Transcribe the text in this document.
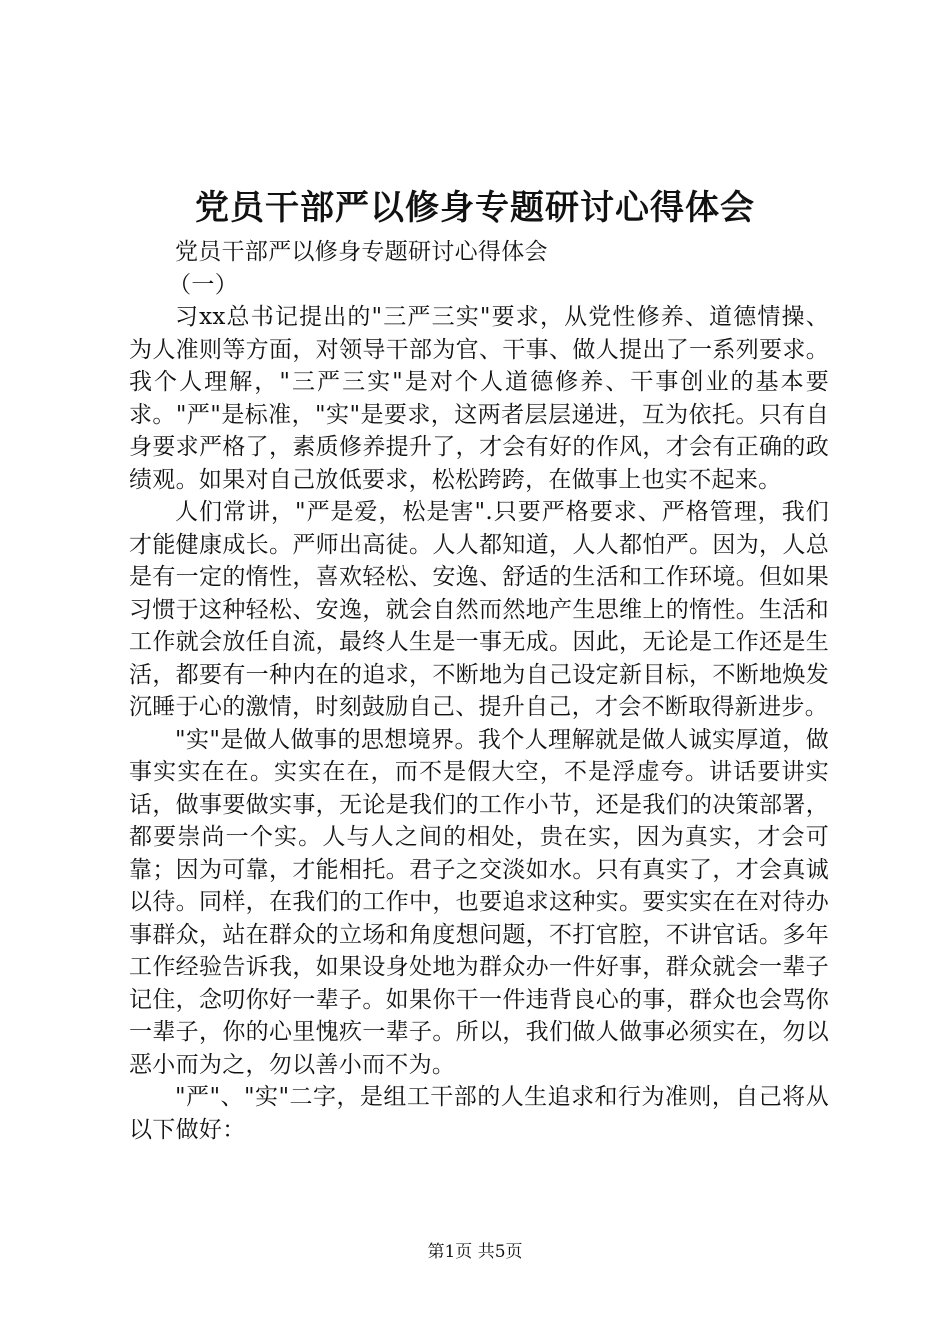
党员干部严以修身专题研讨心得体会

党员干部严以修身专题研讨心得体会

（一）

习xx总书记提出的"三严三实"要求，从党性修养、道德情操、为人准则等方面，对领导干部为官、干事、做人提出了一系列要求。我个人理解，"三严三实"是对个人道德修养、干事创业的基本要求。"严"是标准，"实"是要求，这两者层层递进，互为依托。只有自身要求严格了，素质修养提升了，才会有好的作风，才会有正确的政绩观。如果对自己放低要求，松松跨跨，在做事上也实不起来。

人们常讲，"严是爱，松是害".只要严格要求、严格管理，我们才能健康成长。严师出高徒。人人都知道，人人都怕严。因为，人总是有一定的惰性，喜欢轻松、安逸、舒适的生活和工作环境。但如果习惯于这种轻松、安逸，就会自然而然地产生思维上的惰性。生活和工作就会放任自流，最终人生是一事无成。因此，无论是工作还是生活，都要有一种内在的追求，不断地为自己设定新目标，不断地焕发沉睡于心的激情，时刻鼓励自己、提升自己，才会不断取得新进步。

"实"是做人做事的思想境界。我个人理解就是做人诚实厚道，做事实实在在。实实在在，而不是假大空，不是浮虚夸。讲话要讲实话，做事要做实事，无论是我们的工作小节，还是我们的决策部署，都要崇尚一个实。人与人之间的相处，贵在实，因为真实，才会可靠；因为可靠，才能相托。君子之交淡如水。只有真实了，才会真诚以待。同样，在我们的工作中，也要追求这种实。要实实在在对待办事群众，站在群众的立场和角度想问题，不打官腔，不讲官话。多年工作经验告诉我，如果设身处地为群众办一件好事，群众就会一辈子记住，念叨你好一辈子。如果你干一件违背良心的事，群众也会骂你一辈子，你的心里愧疚一辈子。所以，我们做人做事必须实在，勿以恶小而为之，勿以善小而不为。

"严"、"实"二字，是组工干部的人生追求和行为准则，自己将从以下做好：

第1页 共5页
